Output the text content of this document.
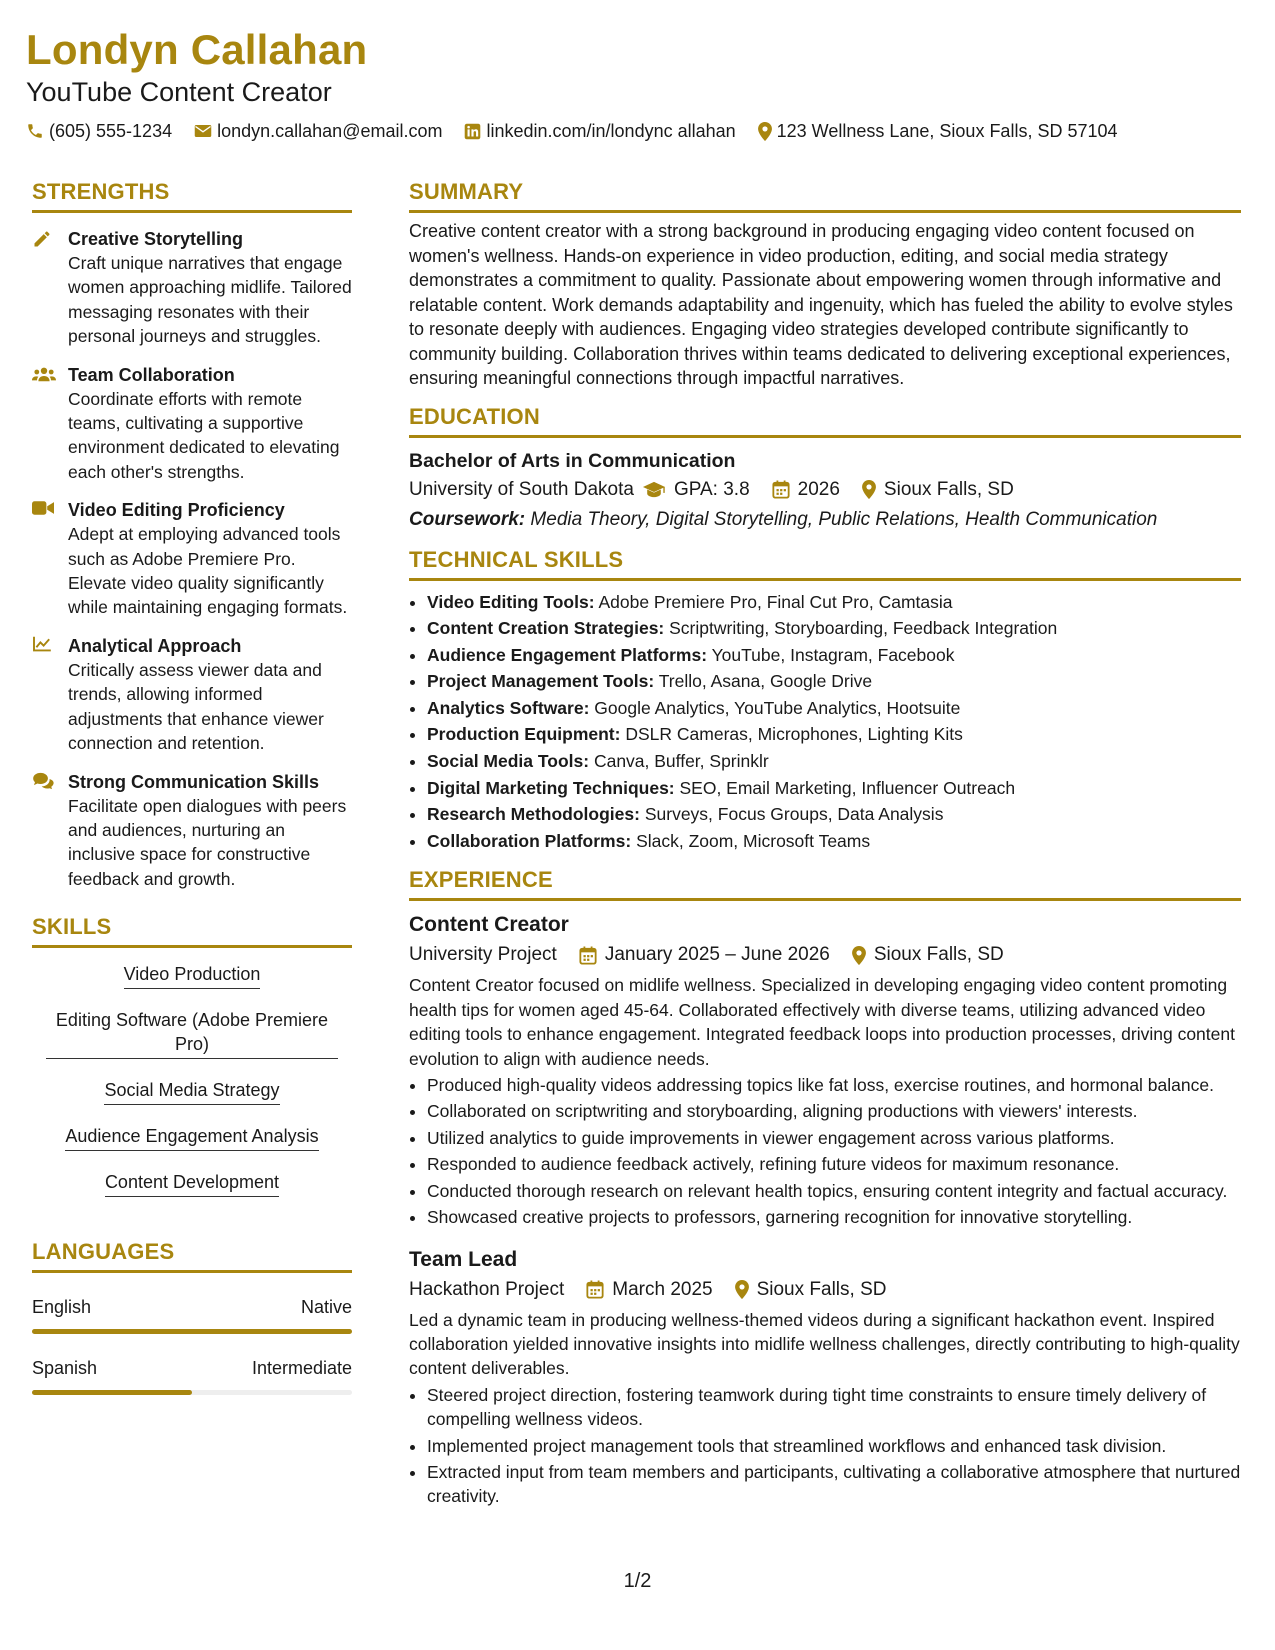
Londyn Callahan
YouTube Content Creator
(605) 555-1234	londyn.callahan@email.com linkedin.com/in/londync allahan 123 Wellness Lane, Sioux Falls, SD 57104
STRENGTHS
Creative Storytelling
Craft unique narratives that engage women approaching midlife. Tailored messaging resonates with their personal journeys and struggles.
Team Collaboration
Coordinate efforts with remote teams, cultivating a supportive environment dedicated to elevating each other's strengths.
Video Editing Proficiency
Adept at employing advanced tools such as Adobe Premiere Pro. Elevate video quality significantly while maintaining engaging formats.
Analytical Approach
Critically assess viewer data and trends, allowing informed adjustments that enhance viewer connection and retention.
Strong Communication Skills
Facilitate open dialogues with peers and audiences, nurturing an inclusive space for constructive feedback and growth.
SKILLS
Video Production
Editing Software (Adobe Premiere Pro)
Social Media Strategy
Audience Engagement Analysis
Content Development
LANGUAGES
English	Native
Spanish	Intermediate
SUMMARY
Creative content creator with a strong background in producing engaging video content focused on women's wellness. Hands-on experience in video production, editing, and social media strategy demonstrates a commitment to quality. Passionate about empowering women through informative and relatable content. Work demands adaptability and ingenuity, which has fueled the ability to evolve styles to resonate deeply with audiences. Engaging video strategies developed contribute significantly to community building. Collaboration thrives within teams dedicated to delivering exceptional experiences, ensuring meaningful connections through impactful narratives.
EDUCATION
Bachelor of Arts in Communication
University of South Dakota GPA: 3.8	2026 Sioux Falls, SD
Coursework: Media Theory, Digital Storytelling, Public Relations, Health Communication
TECHNICAL SKILLS
• Video Editing Tools: Adobe Premiere Pro, Final Cut Pro, Camtasia
• Content Creation Strategies: Scriptwriting, Storyboarding, Feedback Integration
• Audience Engagement Platforms: YouTube, Instagram, Facebook
• Project Management Tools: Trello, Asana, Google Drive
• Analytics Software: Google Analytics, YouTube Analytics, Hootsuite
• Production Equipment: DSLR Cameras, Microphones, Lighting Kits
• Social Media Tools: Canva, Buffer, Sprinklr
• Digital Marketing Techniques: SEO, Email Marketing, Influencer Outreach
• Research Methodologies: Surveys, Focus Groups, Data Analysis
• Collaboration Platforms: Slack, Zoom, Microsoft Teams
EXPERIENCE
Content Creator
University Project	January 2025 – June 2026 Sioux Falls, SD
Content Creator focused on midlife wellness. Specialized in developing engaging video content promoting health tips for women aged 45-64. Collaborated effectively with diverse teams, utilizing advanced video editing tools to enhance engagement. Integrated feedback loops into production processes, driving content evolution to align with audience needs.
• Produced high-quality videos addressing topics like fat loss, exercise routines, and hormonal balance.
• Collaborated on scriptwriting and storyboarding, aligning productions with viewers' interests.
• Utilized analytics to guide improvements in viewer engagement across various platforms.
• Responded to audience feedback actively, refining future videos for maximum resonance.
• Conducted thorough research on relevant health topics, ensuring content integrity and factual accuracy.
• Showcased creative projects to professors, garnering recognition for innovative storytelling.
Team Lead
Hackathon Project	March 2025 Sioux Falls, SD
Led a dynamic team in producing wellness-themed videos during a significant hackathon event. Inspired collaboration yielded innovative insights into midlife wellness challenges, directly contributing to high-quality content deliverables.
• Steered project direction, fostering teamwork during tight time constraints to ensure timely delivery of compelling wellness videos.
• Implemented project management tools that streamlined workflows and enhanced task division.
• Extracted input from team members and participants, cultivating a collaborative atmosphere that nurtured creativity.
1/2
